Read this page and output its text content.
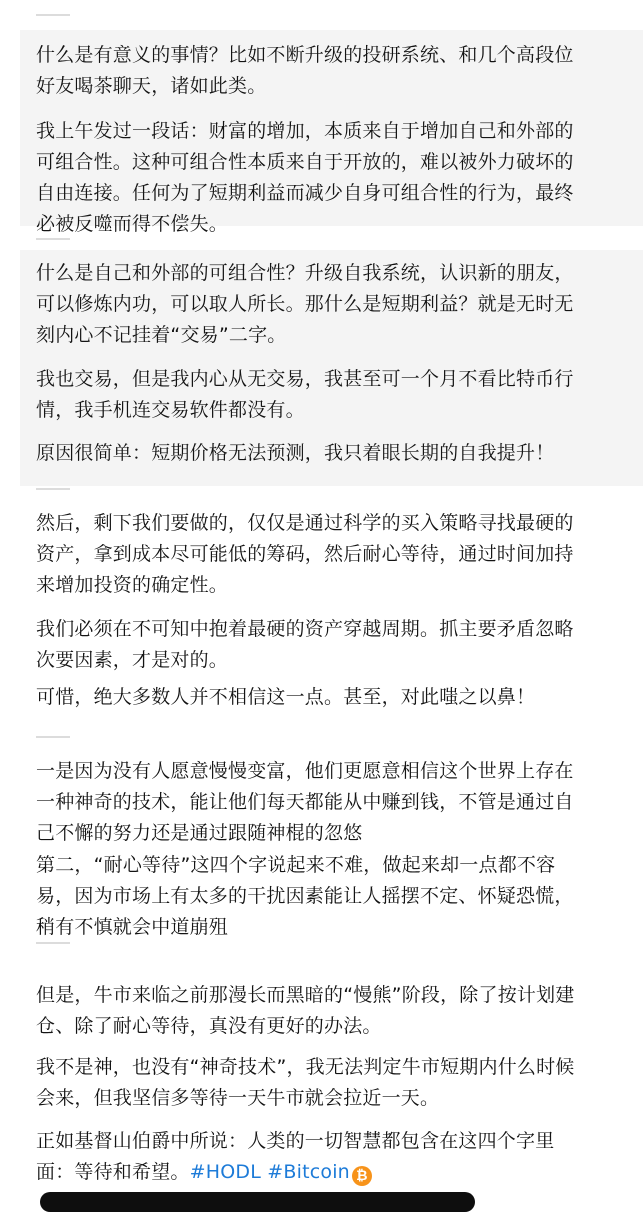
什么是有意义的事情？比如不断升级的投研系统、和几个高段位
好友喝茶聊天，诸如此类。

我上午发过一段话：财富的增加，本质来自于增加自己和外部的
可组合性。这种可组合性本质来自于开放的，难以被外力破坏的
自由连接。任何为了短期利益而减少自身可组合性的行为，最终
必被反噬而得不偿失。

什么是自己和外部的可组合性？升级自我系统，认识新的朋友，
可以修炼内功，可以取人所长。那什么是短期利益？就是无时无
刻内心不记挂着“交易”二字。

我也交易，但是我内心从无交易，我甚至可一个月不看比特币行
情，我手机连交易软件都没有。

原因很简单：短期价格无法预测，我只着眼长期的自我提升！

然后，剩下我们要做的，仅仅是通过科学的买入策略寻找最硬的
资产，拿到成本尽可能低的筹码，然后耐心等待，通过时间加持
来增加投资的确定性。

我们必须在不可知中抱着最硬的资产穿越周期。抓主要矛盾忽略
次要因素，才是对的。

可惜，绝大多数人并不相信这一点。甚至，对此嗤之以鼻！

一是因为没有人愿意慢慢变富，他们更愿意相信这个世界上存在
一种神奇的技术，能让他们每天都能从中赚到钱，不管是通过自
己不懈的努力还是通过跟随神棍的忽悠

第二，“耐心等待”这四个字说起来不难，做起来却一点都不容
易，因为市场上有太多的干扰因素能让人摇摆不定、怀疑恐慌，
稍有不慎就会中道崩殂

但是，牛市来临之前那漫长而黑暗的“慢熊”阶段，除了按计划建
仓、除了耐心等待，真没有更好的办法。

我不是神，也没有“神奇技术”，我无法判定牛市短期内什么时候
会来，但我坚信多等待一天牛市就会拉近一天。

正如基督山伯爵中所说：人类的一切智慧都包含在这四个字里
面：等待和希望。#HODL #Bitcoin ₿
